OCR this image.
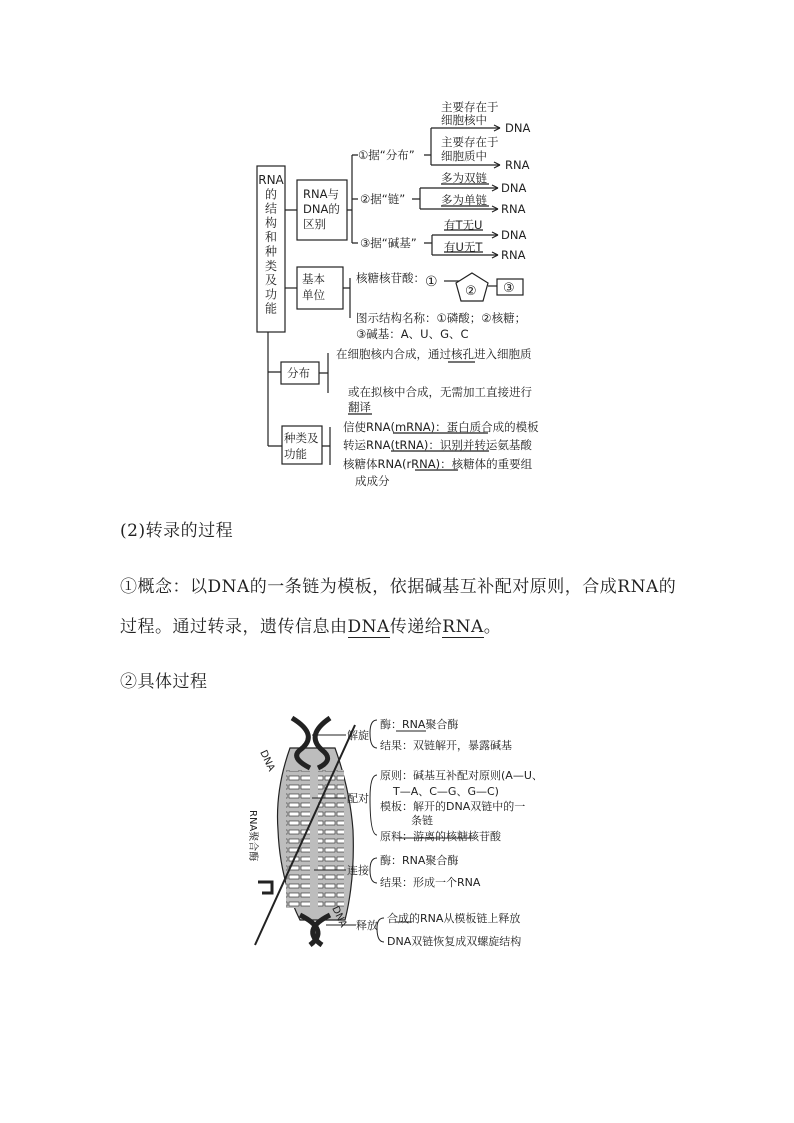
RNA 的结构和种类及功能
RNA与 DNA的区别
①据“分布”
主要存在于
细胞核中
主要存在于
细胞质中
DNA
RNA
②据“链”
多为双链
多为单链
DNA
RNA
③据“碱基”
有T无U
有U无T
DNA
RNA
基本
单位
核糖核苷酸： ①
② ③
图示结构名称：①磷酸；②核糖；
③碱基：A、U、G、C
分布
在细胞核内合成，通过核孔进入细胞质
或在拟核中合成，无需加工直接进行
翻译
种类及
功能
信使RNA(mRNA)：蛋白质合成的模板
转运RNA(tRNA)：识别并转运氨基酸
核糖体RNA(rRNA)：核糖体的重要组
成成分
(2)转录的过程
①概念：以DNA的一条链为模板，依据碱基互补配对原则，合成RNA的
过程。通过转录，遗传信息由DNA传递给RNA。
②具体过程
DNA
DNA
RNA聚合酶
解旋
酶：RNA聚合酶
结果：双链解开，暴露碱基
配对
原则：碱基互补配对原则(A—U、
T—A、C—G、G—C)
模板：解开的DNA双链中的一
条链
原料：游离的核糖核苷酸
连接
酶：RNA聚合酶
结果：形成一个RNA
释放
合成的RNA从模板链上释放
DNA双链恢复成双螺旋结构
